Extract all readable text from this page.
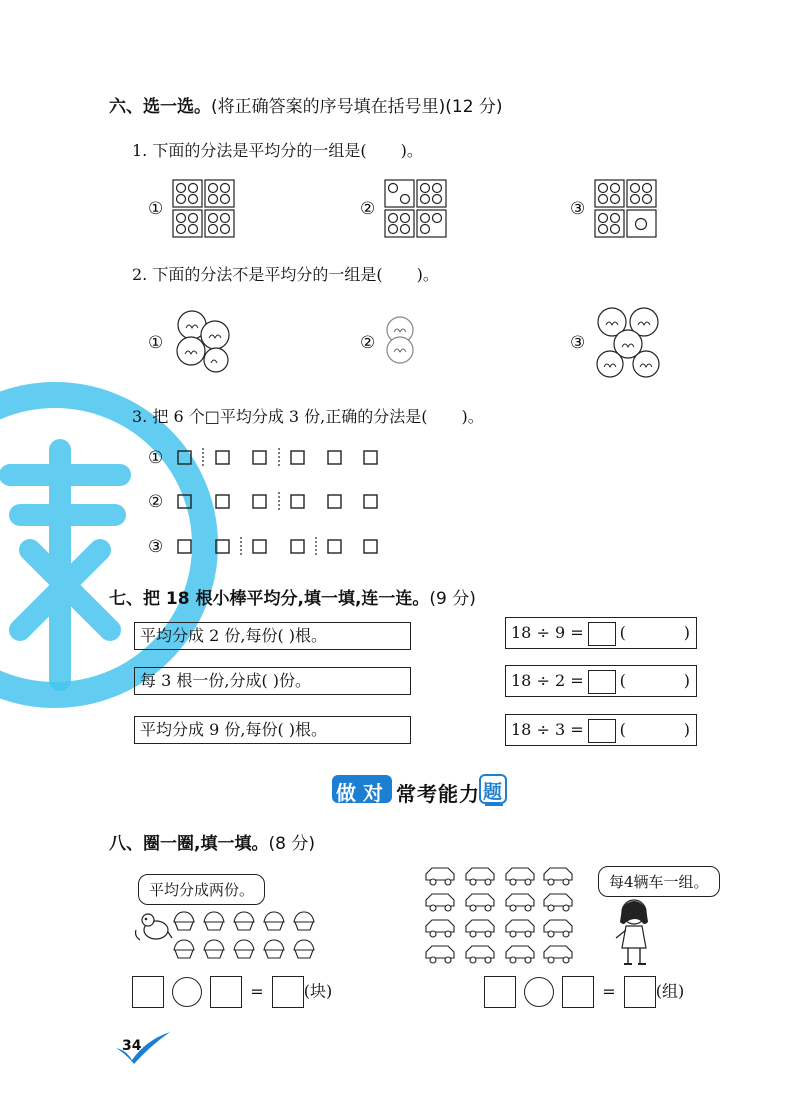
六、选一选。(将正确答案的序号填在括号里)(12 分)
1. 下面的分法是平均分的一组是( )。
①	②	③
2. 下面的分法不是平均分的一组是( )。
①	②	③
3. 把 6 个□平均分成 3 份,正确的分法是( )。
①
②
③
七、把 18 根小棒平均分,填一填,连一连。(9 分)
平均分成 2 份,每份( )根。
每 3 根一份,分成( )份。
平均分成 9 份,每份( )根。
18 ÷ 9 = (	)
18 ÷ 2 = (	)
18 ÷ 3 = (	)
做 对 常考能力 题
八、圈一圈,填一填。(8 分)
平均分成两份。
=	(块)
每4辆车一组。
=	(组)
34
